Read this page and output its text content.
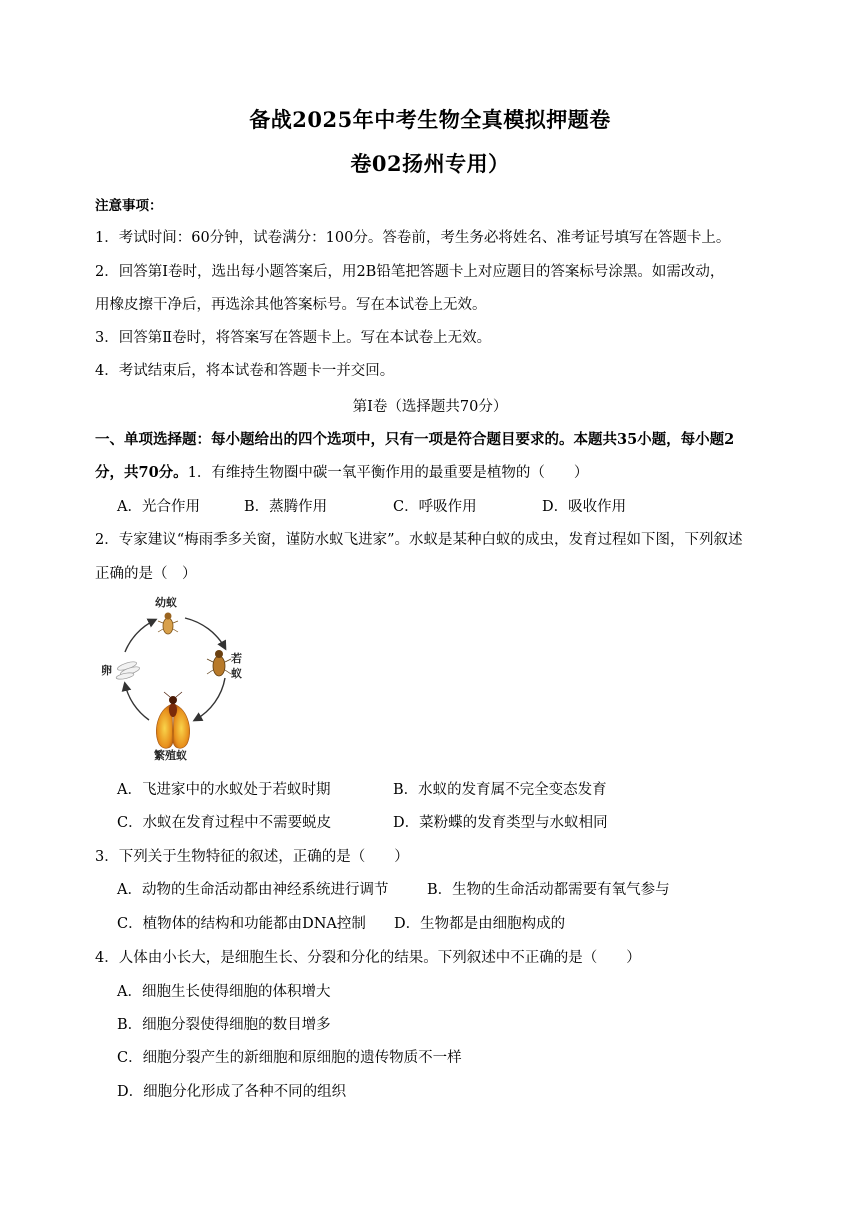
备战2025年中考生物全真模拟押题卷
卷02扬州专用）
注意事项：
1．考试时间：60分钟，试卷满分：100分。答卷前，考生务必将姓名、准考证号填写在答题卡上。
2．回答第Ⅰ卷时，选出每小题答案后，用2B铅笔把答题卡上对应题目的答案标号涂黑。如需改动，
用橡皮擦干净后，再选涂其他答案标号。写在本试卷上无效。
3．回答第Ⅱ卷时，将答案写在答题卡上。写在本试卷上无效。
4．考试结束后，将本试卷和答题卡一并交回。
第Ⅰ卷（选择题共70分）
一、单项选择题：每小题给出的四个选项中，只有一项是符合题目要求的。本题共35小题，每小题2
分，共70分。1．有维持生物圈中碳一氧平衡作用的最重要是植物的（　　）
A．光合作用	B．蒸腾作用	C．呼吸作用	D．吸收作用
2．专家建议“梅雨季多关窗，谨防水蚁飞进家”。水蚁是某种白蚁的成虫，发育过程如下图，下列叙述
正确的是（　）
幼蚁
若
蚁
卵
繁殖蚁
A．飞进家中的水蚁处于若蚁时期	B．水蚁的发育属不完全变态发育
C．水蚁在发育过程中不需要蜕皮	D．菜粉蝶的发育类型与水蚁相同
3．下列关于生物特征的叙述，正确的是（　　）
A．动物的生命活动都由神经系统进行调节	B．生物的生命活动都需要有氧气参与
C．植物体的结构和功能都由DNA控制 D．生物都是由细胞构成的
4．人体由小长大，是细胞生长、分裂和分化的结果。下列叙述中不正确的是（　　）
A．细胞生长使得细胞的体积增大
B．细胞分裂使得细胞的数目增多
C．细胞分裂产生的新细胞和原细胞的遗传物质不一样
D．细胞分化形成了各种不同的组织
